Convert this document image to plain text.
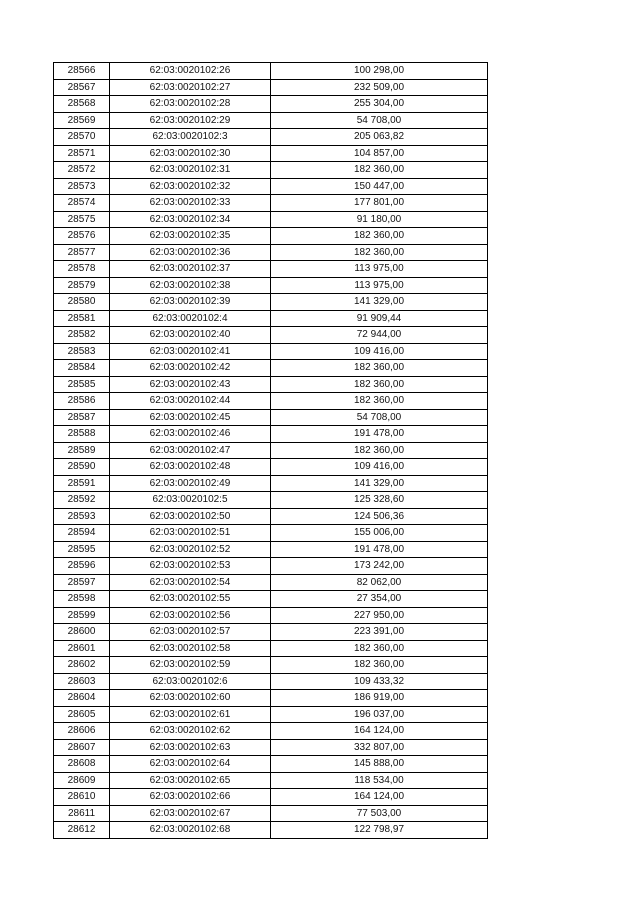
28566	62:03:0020102:26	100 298,00
28567	62:03:0020102:27	232 509,00
28568	62:03:0020102:28	255 304,00
28569	62:03:0020102:29	54 708,00
28570	62:03:0020102:3	205 063,82
28571	62:03:0020102:30	104 857,00
28572	62:03:0020102:31	182 360,00
28573	62:03:0020102:32	150 447,00
28574	62:03:0020102:33	177 801,00
28575	62:03:0020102:34	91 180,00
28576	62:03:0020102:35	182 360,00
28577	62:03:0020102:36	182 360,00
28578	62:03:0020102:37	113 975,00
28579	62:03:0020102:38	113 975,00
28580	62:03:0020102:39	141 329,00
28581	62:03:0020102:4	91 909,44
28582	62:03:0020102:40	72 944,00
28583	62:03:0020102:41	109 416,00
28584	62:03:0020102:42	182 360,00
28585	62:03:0020102:43	182 360,00
28586	62:03:0020102:44	182 360,00
28587	62:03:0020102:45	54 708,00
28588	62:03:0020102:46	191 478,00
28589	62:03:0020102:47	182 360,00
28590	62:03:0020102:48	109 416,00
28591	62:03:0020102:49	141 329,00
28592	62:03:0020102:5	125 328,60
28593	62:03:0020102:50	124 506,36
28594	62:03:0020102:51	155 006,00
28595	62:03:0020102:52	191 478,00
28596	62:03:0020102:53	173 242,00
28597	62:03:0020102:54	82 062,00
28598	62:03:0020102:55	27 354,00
28599	62:03:0020102:56	227 950,00
28600	62:03:0020102:57	223 391,00
28601	62:03:0020102:58	182 360,00
28602	62:03:0020102:59	182 360,00
28603	62:03:0020102:6	109 433,32
28604	62:03:0020102:60	186 919,00
28605	62:03:0020102:61	196 037,00
28606	62:03:0020102:62	164 124,00
28607	62:03:0020102:63	332 807,00
28608	62:03:0020102:64	145 888,00
28609	62:03:0020102:65	118 534,00
28610	62:03:0020102:66	164 124,00
28611	62:03:0020102:67	77 503,00
28612	62:03:0020102:68	122 798,97
